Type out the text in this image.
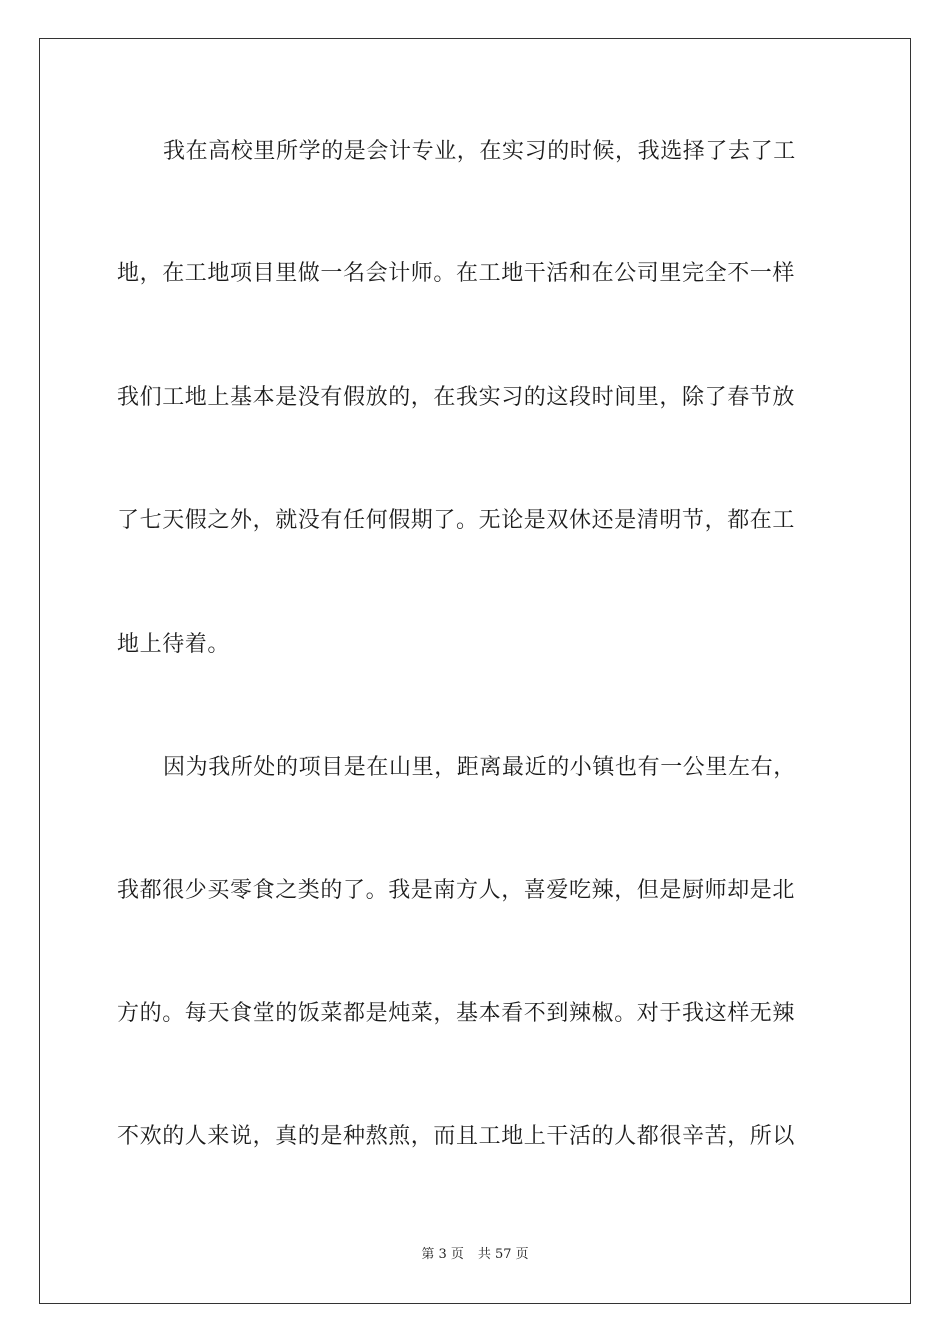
我在高校里所学的是会计专业，在实习的时候，我选择了去了工
地，在工地项目里做一名会计师。在工地干活和在公司里完全不一样
我们工地上基本是没有假放的，在我实习的这段时间里，除了春节放
了七天假之外，就没有任何假期了。无论是双休还是清明节，都在工
地上待着。
因为我所处的项目是在山里，距离最近的小镇也有一公里左右，
我都很少买零食之类的了。我是南方人，喜爱吃辣，但是厨师却是北
方的。每天食堂的饭菜都是炖菜，基本看不到辣椒。对于我这样无辣
不欢的人来说，真的是种熬煎，而且工地上干活的人都很辛苦，所以
第 3 页 共 57 页
